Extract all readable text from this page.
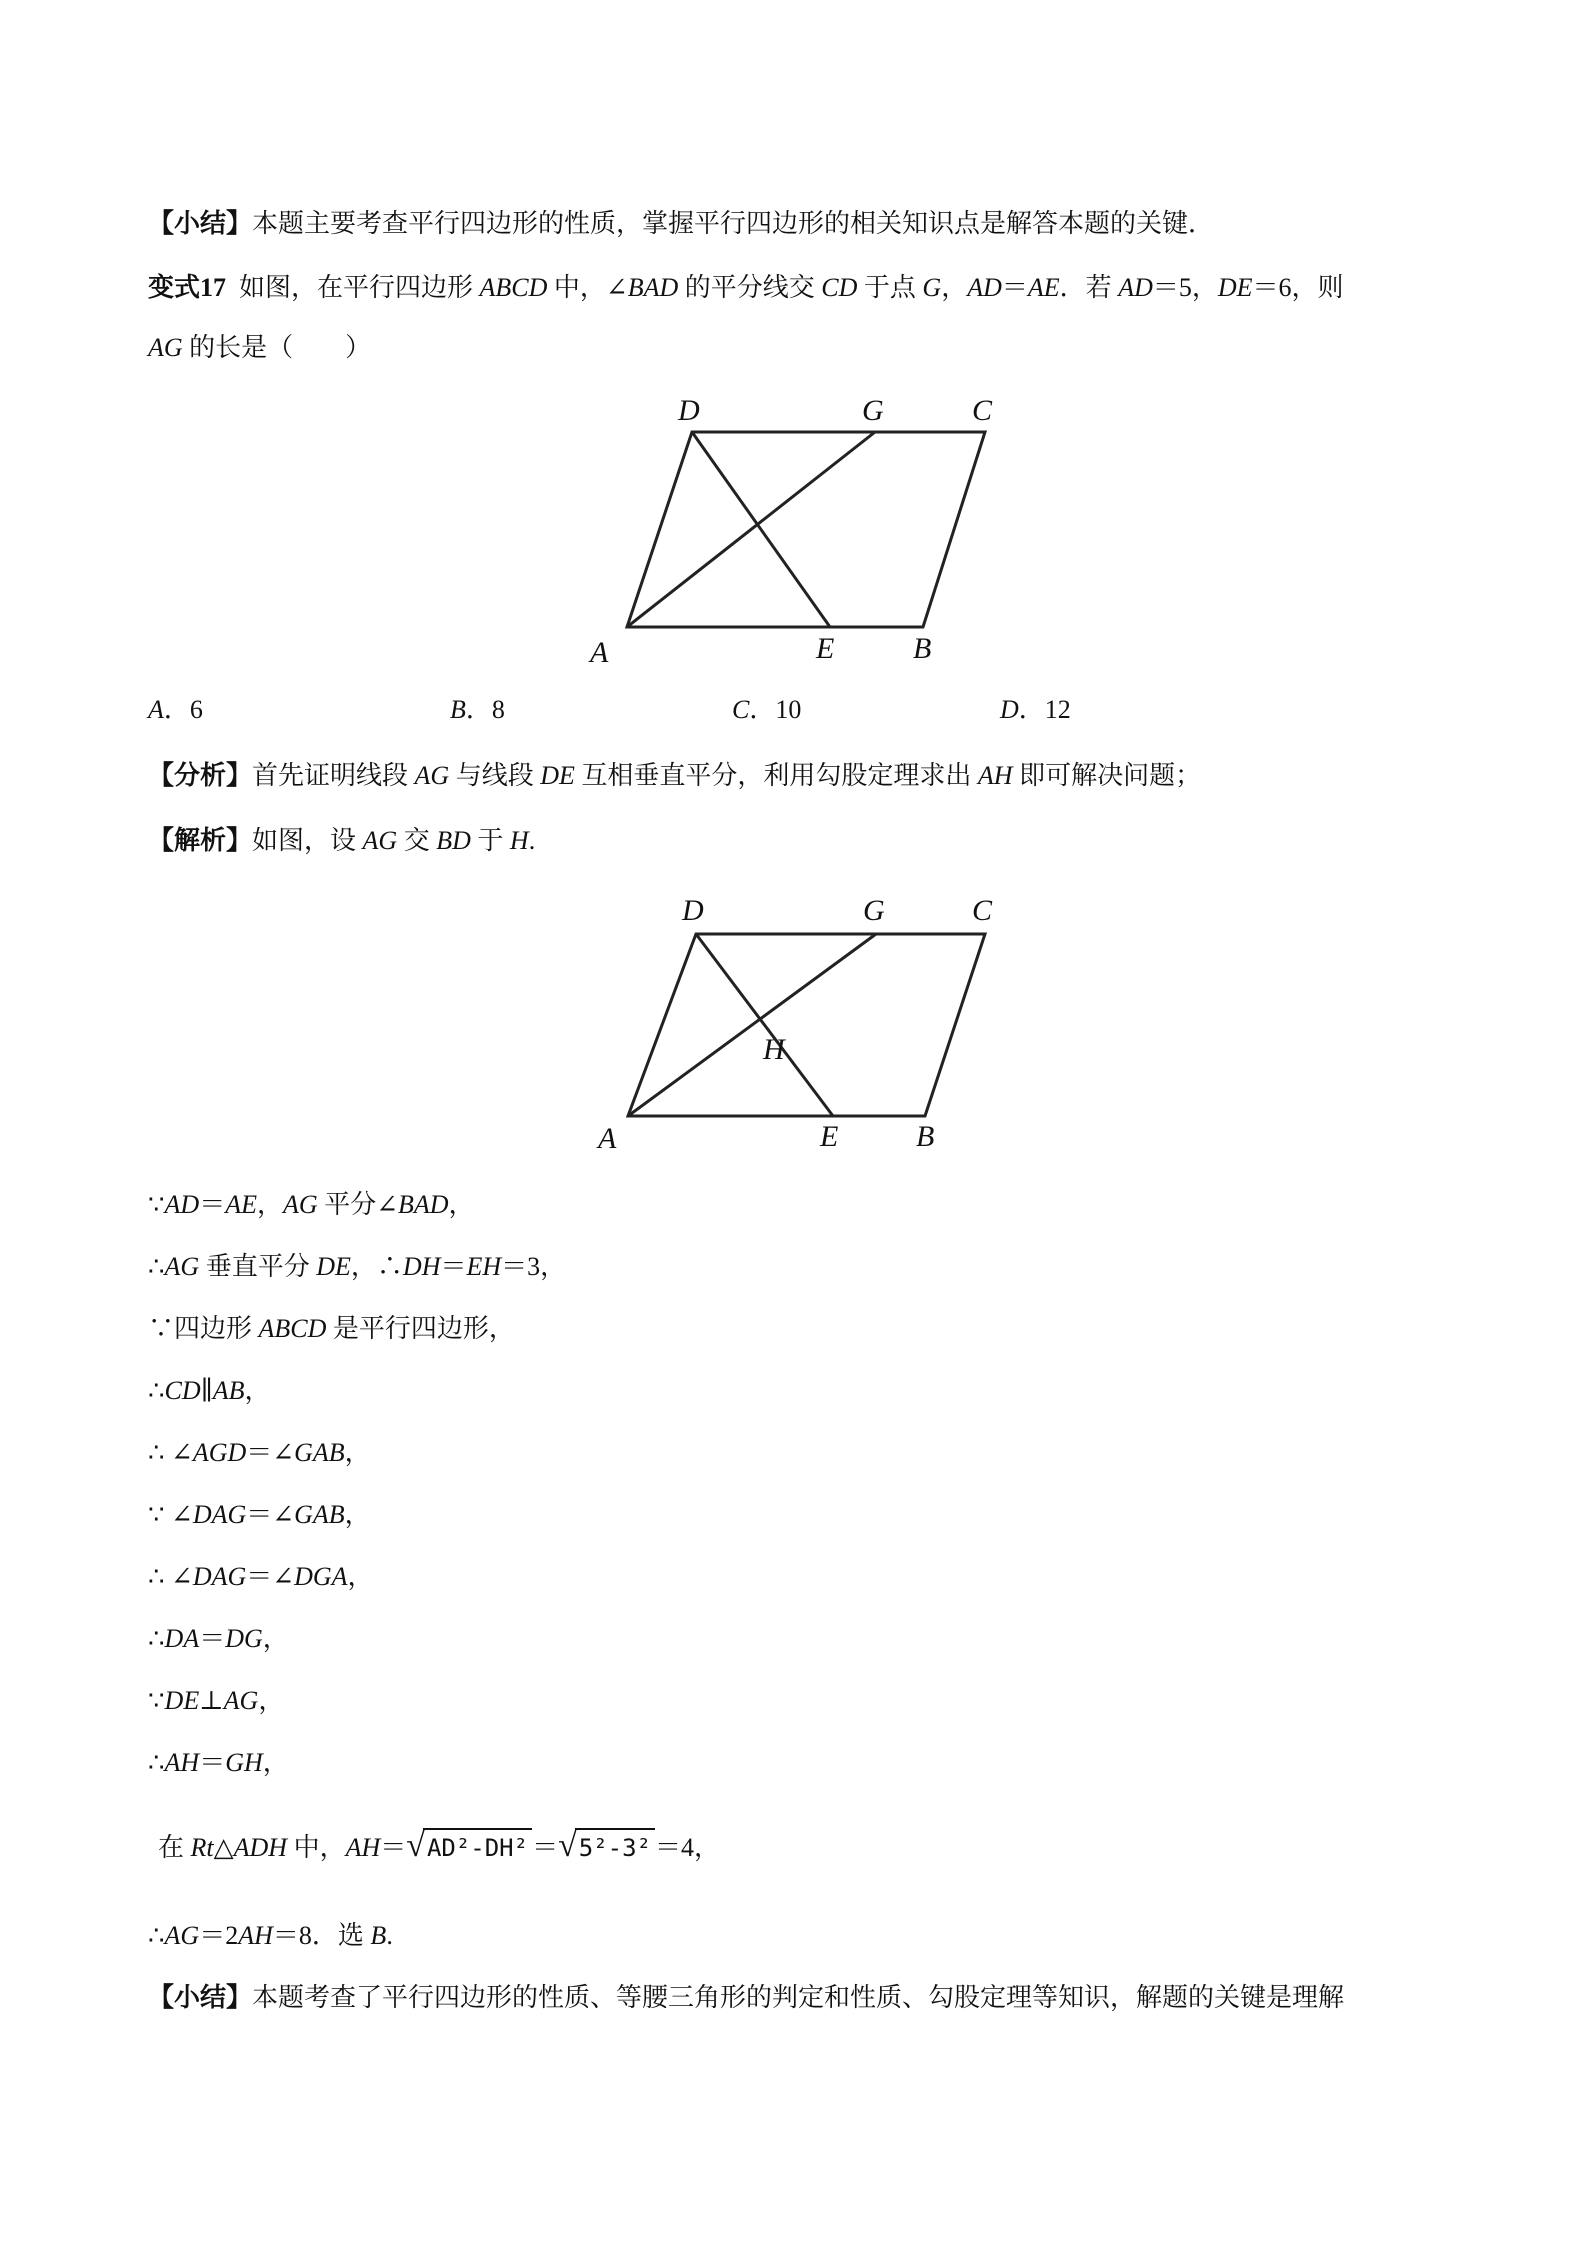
【小结】本题主要考查平行四边形的性质，掌握平行四边形的相关知识点是解答本题的关键．
变式17 如图，在平行四边形 ABCD 中，∠BAD 的平分线交 CD 于点 G，AD＝AE．若 AD＝5，DE＝6，则
AG 的长是（　　）
D	G	C
A	E	B
A．6	B．8	C．10	D．12
【分析】首先证明线段 AG 与线段 DE 互相垂直平分，利用勾股定理求出 AH 即可解决问题；
【解析】如图，设 AG 交 BD 于 H.
D	G	C
A	E	B
H
∵AD＝AE，AG 平分∠BAD，
∴AG 垂直平分 DE，∴DH＝EH＝3，
∵四边形 ABCD 是平行四边形，
∴CD∥AB，
∴ ∠AGD＝∠GAB，
∵ ∠DAG＝∠GAB，
∴ ∠DAG＝∠DGA，
∴DA＝DG，
∵DE⊥AG，
∴AH＝GH，
在 Rt△ADH 中，AH＝√AD²-DH² ＝√5²-3² ＝4，
∴AG＝2AH＝8．选 B.
【小结】本题考查了平行四边形的性质、等腰三角形的判定和性质、勾股定理等知识，解题的关键是理解
